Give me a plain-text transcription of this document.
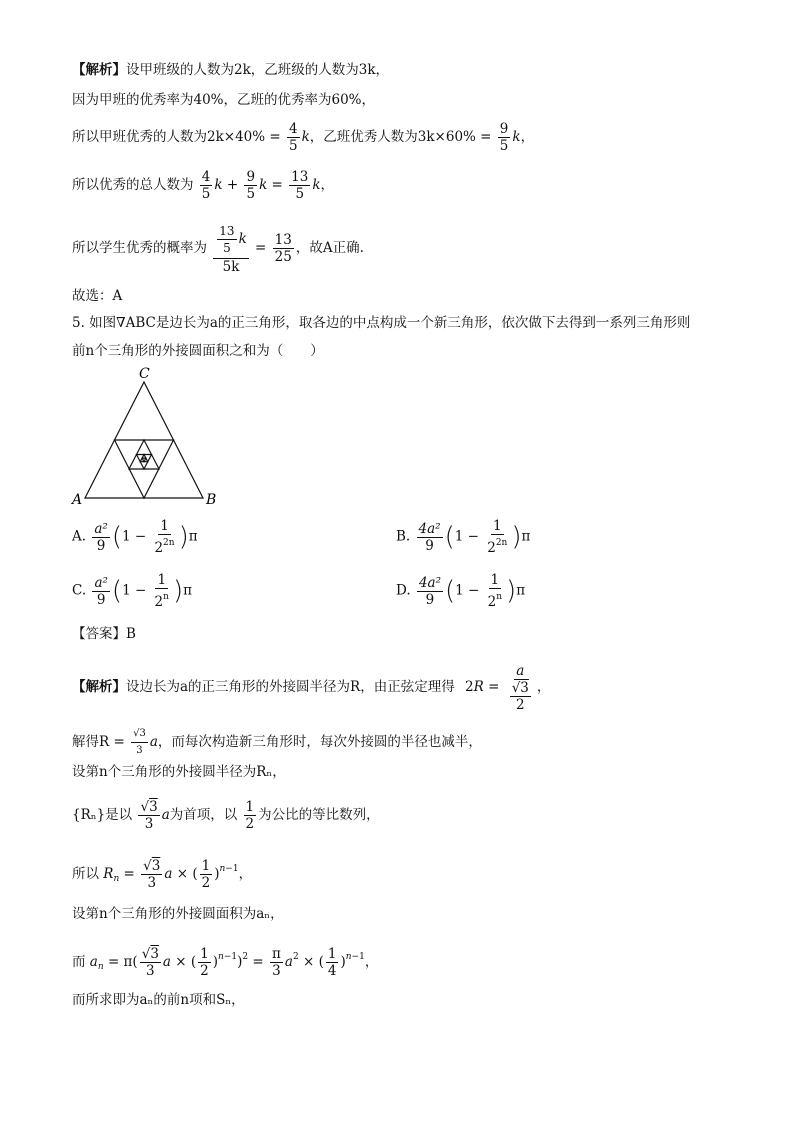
【解析】设甲班级的人数为2k，乙班级的人数为3k，
因为甲班的优秀率为40%，乙班的优秀率为60%，
所以甲班优秀的人数为$2k\times 40\% = \frac{4}{5}$ k，乙班优秀人数为$3k\times 60\% = \frac{9}{5}$ k，
所以优秀的总人数为 $\frac{4}{5}$ $k + \frac{9}{5}$ $k = \frac{13}{5}$ k，
所以学生优秀的概率为 $\frac{\frac{13}{5} k}{5k} = \frac{13}{25}$ ，故A正确.
故选：A
5. 如图∇ABC是边长为a的正三角形，取各边的中点构成一个新三角形，依次做下去得到一系列三角形则
前n个三角形的外接圆面积之和为（　　）
C
A	B
A. $\frac{\text{a²}}{9} (1 - \frac{1}{2^{2n}} )\pi$	B. $\frac{\text{4a²}}{9} (1 - \frac{1}{2^{2n}} )\pi$
C. $\frac{\text{a²}}{9} (1 - \frac{1}{2^n} )\pi$	D. $\frac{\text{4a²}}{9} (1 - \frac{1}{2^n} )\pi$
【答案】B
【解析】设边长为a的正三角形的外接圆半径为R，由正弦定理得 $2R = \frac{a}{\frac{√3}{2}}$ ，
解得$R = \frac{√3}{3}$ a，而每次构造新三角形时，每次外接圆的半径也减半，
设第n个三角形的外接圆半径为Rₙ，
{Rₙ}是以 $\frac{√3}{3}$ a为首项，以 $\frac{1}{2}$ 为公比的等比数列，
所以 $R_n = \frac{√3}{3}$ a × ( $\frac{1}{2} )^{n-1}$，
设第n个三角形的外接圆面积为aₙ，
而 $a_n = \pi( \frac{√3}{3}$ a × ( $\frac{1}{2} )^{n-1})^2 = \frac{\pi}{3} a^2$ × ( $\frac{1}{4} )^{n-1}$，
而所求即为aₙ的前n项和Sₙ，
